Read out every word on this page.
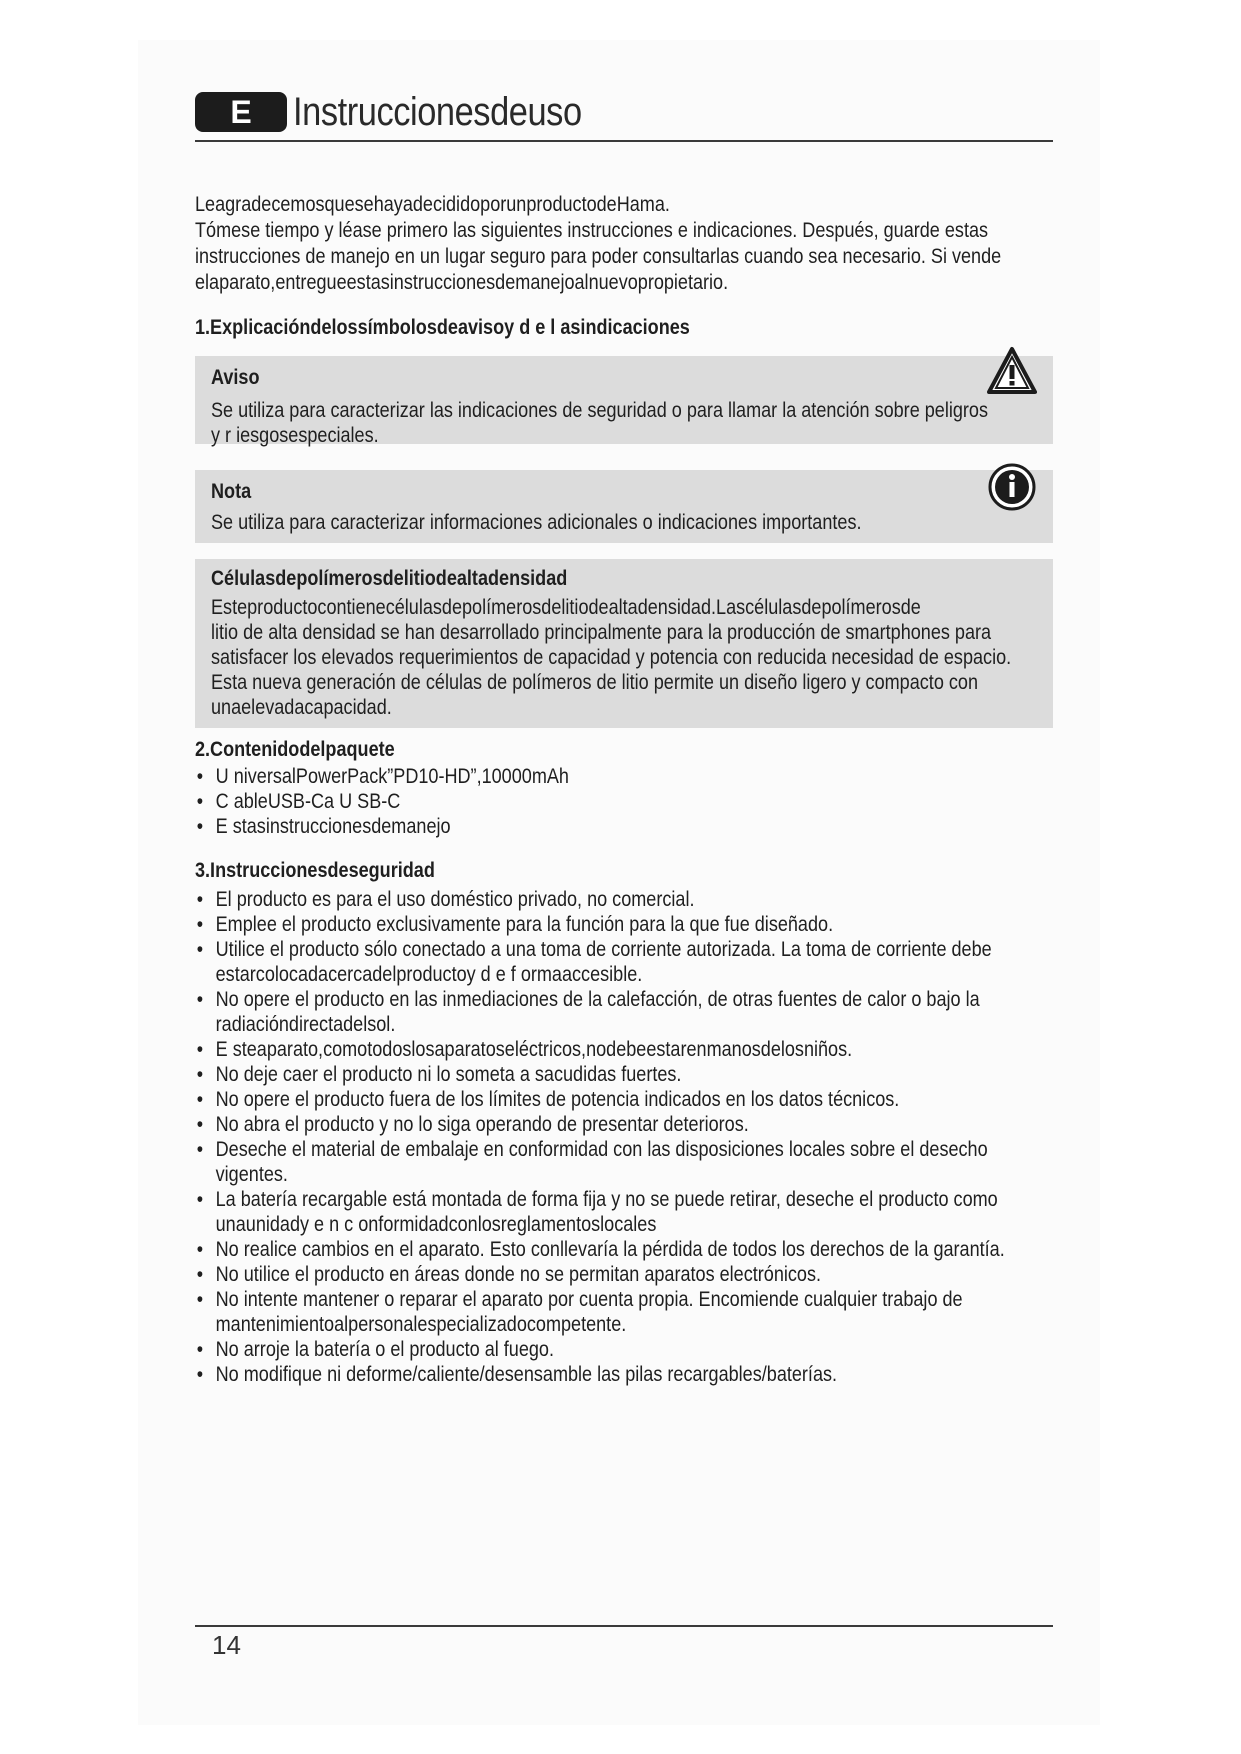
E	Instruccionesdeuso

LeagradecemosquesehayadecididoporunproductodeHama.

Tómese tiempo y léase primero las siguientes instrucciones e indicaciones. Después, guarde estas

instrucciones de manejo en un lugar seguro para poder consultarlas cuando sea necesario. Si vende

elaparato,entregueestasinstruccionesdemanejoalnuevopropietario.

1.Explicacióndelossímbolosdeavisoy d e l asindicaciones
Aviso
Se utiliza para caracterizar las indicaciones de seguridad o para llamar la atención sobre peligros
y r iesgosespeciales.
Nota
Se utiliza para caracterizar informaciones adicionales o indicaciones importantes.
Célulasdepolímerosdelitiodealtadensidad
Esteproductocontienecélulasdepolímerosdelitiodealtadensidad.Lascélulasdepolímerosde
litio de alta densidad se han desarrollado principalmente para la producción de smartphones para
satisfacer los elevados requerimientos de capacidad y potencia con reducida necesidad de espacio.
Esta nueva generación de células de polímeros de litio permite un diseño ligero y compacto con
unaelevadacapacidad.
2.Contenidodelpaquete
• U niversalPowerPack”PD10-HD”,10000mAh
• C ableUSB-Ca U SB-C
• E stasinstruccionesdemanejo
3.Instruccionesdeseguridad
• El producto es para el uso doméstico privado, no comercial.
• Emplee el producto exclusivamente para la función para la que fue diseñado.
• Utilice el producto sólo conectado a una toma de corriente autorizada. La toma de corriente debe
estarcolocadacercadelproductoy d e f ormaaccesible.
• No opere el producto en las inmediaciones de la calefacción, de otras fuentes de calor o bajo la
radiacióndirectadelsol.
• E steaparato,comotodoslosaparatoseléctricos,nodebeestarenmanosdelosniños.
• No deje caer el producto ni lo someta a sacudidas fuertes.
• No opere el producto fuera de los límites de potencia indicados en los datos técnicos.
• No abra el producto y no lo siga operando de presentar deterioros.
• Deseche el material de embalaje en conformidad con las disposiciones locales sobre el desecho vigentes.
• La batería recargable está montada de forma fija y no se puede retirar, deseche el producto como
unaunidady e n c onformidadconlosreglamentoslocales
• No realice cambios en el aparato. Esto conllevaría la pérdida de todos los derechos de la garantía.
• No utilice el producto en áreas donde no se permitan aparatos electrónicos.
• No intente mantener o reparar el aparato por cuenta propia. Encomiende cualquier trabajo de
mantenimientoalpersonalespecializadocompetente.
• No arroje la batería o el producto al fuego.
• No modifique ni deforme/caliente/desensamble las pilas recargables/baterías.
14
